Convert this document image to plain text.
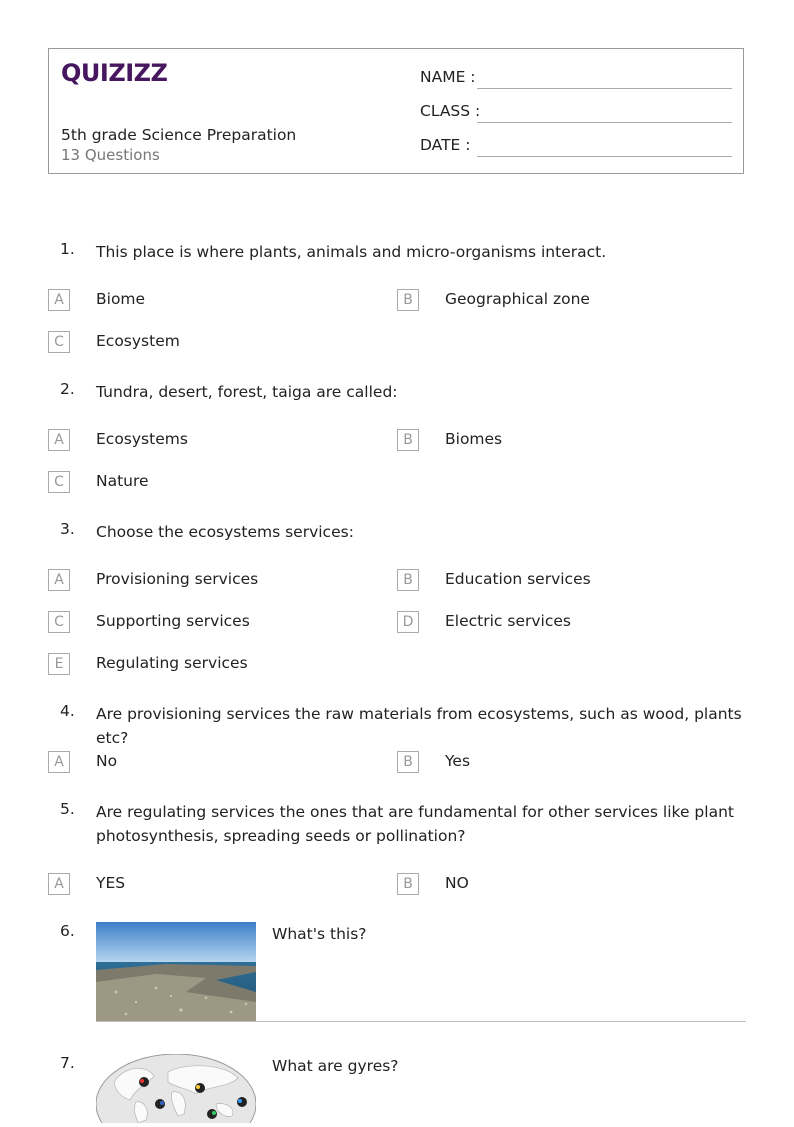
QUIZIZZ
5th grade Science Preparation
13 Questions
NAME :
CLASS :
DATE :
1. This place is where plants, animals and micro-organisms interact.
A	Biome	B	Geographical zone
C	Ecosystem
2. Tundra, desert, forest, taiga are called:
A	Ecosystems	B	Biomes
C	Nature
3. Choose the ecosystems services:
A	Provisioning services	B	Education services
C	Supporting services	D	Electric services
E	Regulating services
4. Are provisioning services the raw materials from ecosystems, such as wood, plants etc?
A	No	B	Yes
5. Are regulating services the ones that are fundamental for other services like plant photosynthesis, spreading seeds or pollination?
A	YES	B	NO
6.	What's this?
7.	What are gyres?
